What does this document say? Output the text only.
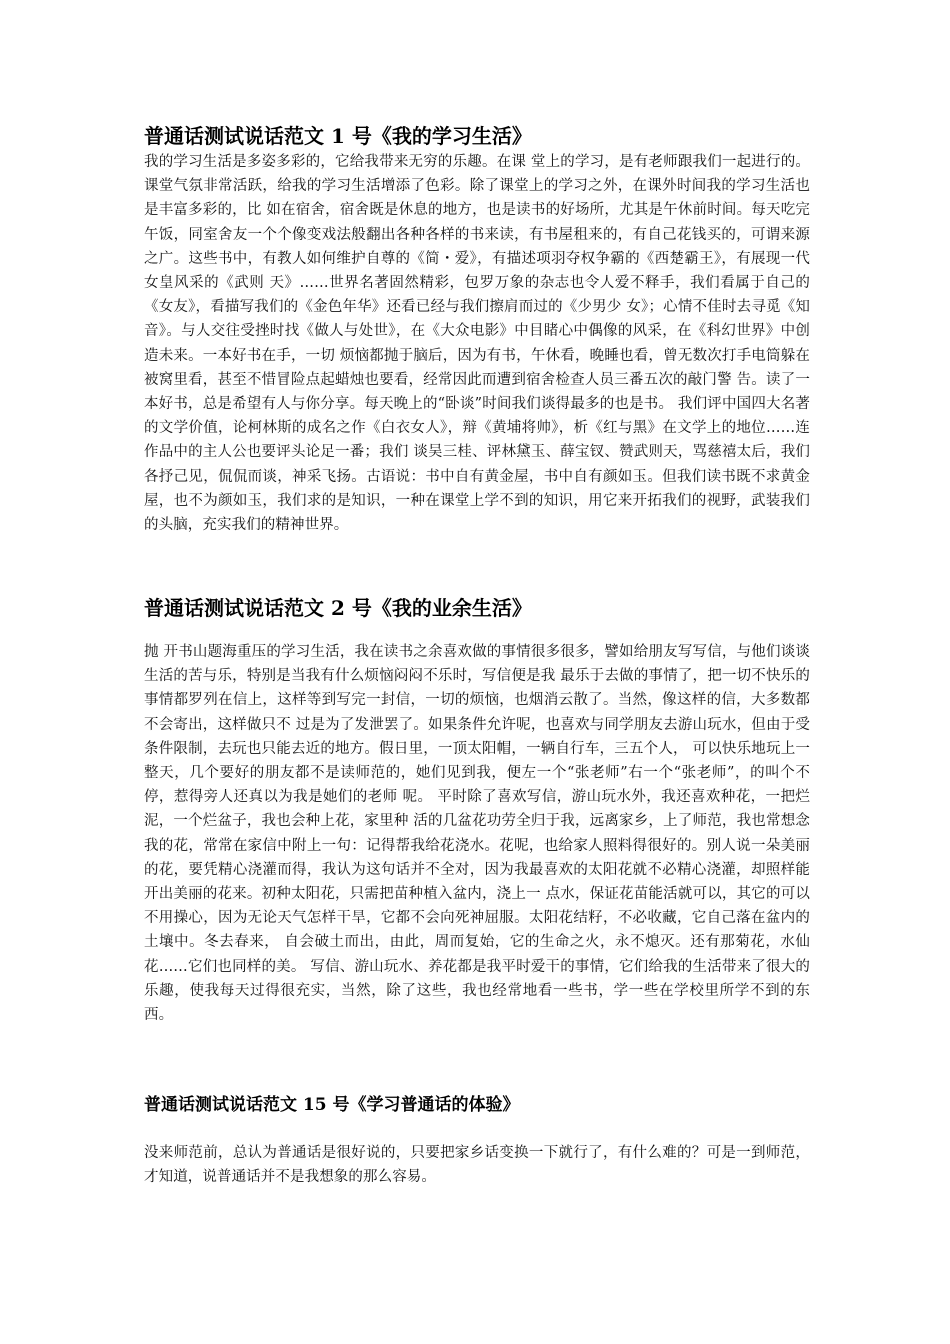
普通话测试说话范文 1 号《我的学习生活》

我的学习生活是多姿多彩的，它给我带来无穷的乐趣。在课 堂上的学习，是有老师跟我们一起进行的。课堂气氛非常活跃，给我的学习生活增添了色彩。除了课堂上的学习之外，在课外时间我的学习生活也是丰富多彩的，比 如在宿舍，宿舍既是休息的地方，也是读书的好场所，尤其是午休前时间。每天吃完午饭，同室舍友一个个像变戏法般翻出各种各样的书来读，有书屋租来的，有自己花钱买的，可谓来源之广。这些书中，有教人如何维护自尊的《简・爱》，有描述项羽夺权争霸的《西楚霸王》，有展现一代女皇风采的《武则 天》……世界名著固然精彩，包罗万象的杂志也令人爱不释手，我们看属于自己的《女友》，看描写我们的《金色年华》还看已经与我们擦肩而过的《少男少 女》；心情不佳时去寻觅《知音》。与人交往受挫时找《做人与处世》，在《大众电影》中目睹心中偶像的风采，在《科幻世界》中创造未来。一本好书在手，一切 烦恼都抛于脑后，因为有书，午休看，晚睡也看，曾无数次打手电筒躲在被窝里看，甚至不惜冒险点起蜡烛也要看，经常因此而遭到宿舍检查人员三番五次的敲门警 告。读了一本好书，总是希望有人与你分享。每天晚上的“卧谈”时间我们谈得最多的也是书。 我们评中国四大名著的文学价值，论柯林斯的成名之作《白衣女人》，辩《黄埔将帅》，析《红与黑》在文学上的地位……连作品中的主人公也要评头论足一番；我们 谈吴三桂、评林黛玉、薛宝钗、赞武则天，骂慈禧太后，我们各抒己见，侃侃而谈，神采飞扬。古语说：书中自有黄金屋，书中自有颜如玉。但我们读书既不求黄金 屋，也不为颜如玉，我们求的是知识，一种在课堂上学不到的知识，用它来开拓我们的视野，武装我们的头脑，充实我们的精神世界。

普通话测试说话范文 2 号《我的业余生活》

抛 开书山题海重压的学习生活，我在读书之余喜欢做的事情很多很多，譬如给朋友写写信，与他们谈谈生活的苦与乐，特别是当我有什么烦恼闷闷不乐时，写信便是我 最乐于去做的事情了，把一切不快乐的事情都罗列在信上，这样等到写完一封信，一切的烦恼，也烟消云散了。当然，像这样的信，大多数都不会寄出，这样做只不 过是为了发泄罢了。如果条件允许呢，也喜欢与同学朋友去游山玩水，但由于受条件限制，去玩也只能去近的地方。假日里，一顶太阳帽，一辆自行车，三五个人， 可以快乐地玩上一整天，几个要好的朋友都不是读师范的，她们见到我，便左一个“张老师”右一个“张老师”，的叫个不停，惹得旁人还真以为我是她们的老师 呢。 平时除了喜欢写信，游山玩水外，我还喜欢种花，一把烂泥，一个烂盆子，我也会种上花，家里种 活的几盆花功劳全归于我，远离家乡，上了师范，我也常想念我的花，常常在家信中附上一句：记得帮我给花浇水。花呢，也给家人照料得很好的。别人说一朵美丽 的花，要凭精心浇灌而得，我认为这句话并不全对，因为我最喜欢的太阳花就不必精心浇灌，却照样能开出美丽的花来。初种太阳花，只需把苗种植入盆内，浇上一 点水，保证花苗能活就可以，其它的可以不用操心，因为无论天气怎样干旱，它都不会向死神屈服。太阳花结籽，不必收藏，它自己落在盆内的土壤中。冬去春来， 自会破土而出，由此，周而复始，它的生命之火，永不熄灭。还有那菊花，水仙花……它们也同样的美。 写信、游山玩水、养花都是我平时爱干的事情，它们给我的生活带来了很大的乐趣，使我每天过得很充实，当然，除了这些，我也经常地看一些书，学一些在学校里所学不到的东西。

普通话测试说话范文 15 号《学习普通话的体验》

没来师范前，总认为普通话是很好说的，只要把家乡话变换一下就行了，有什么难的？可是一到师范，才知道，说普通话并不是我想象的那么容易。
